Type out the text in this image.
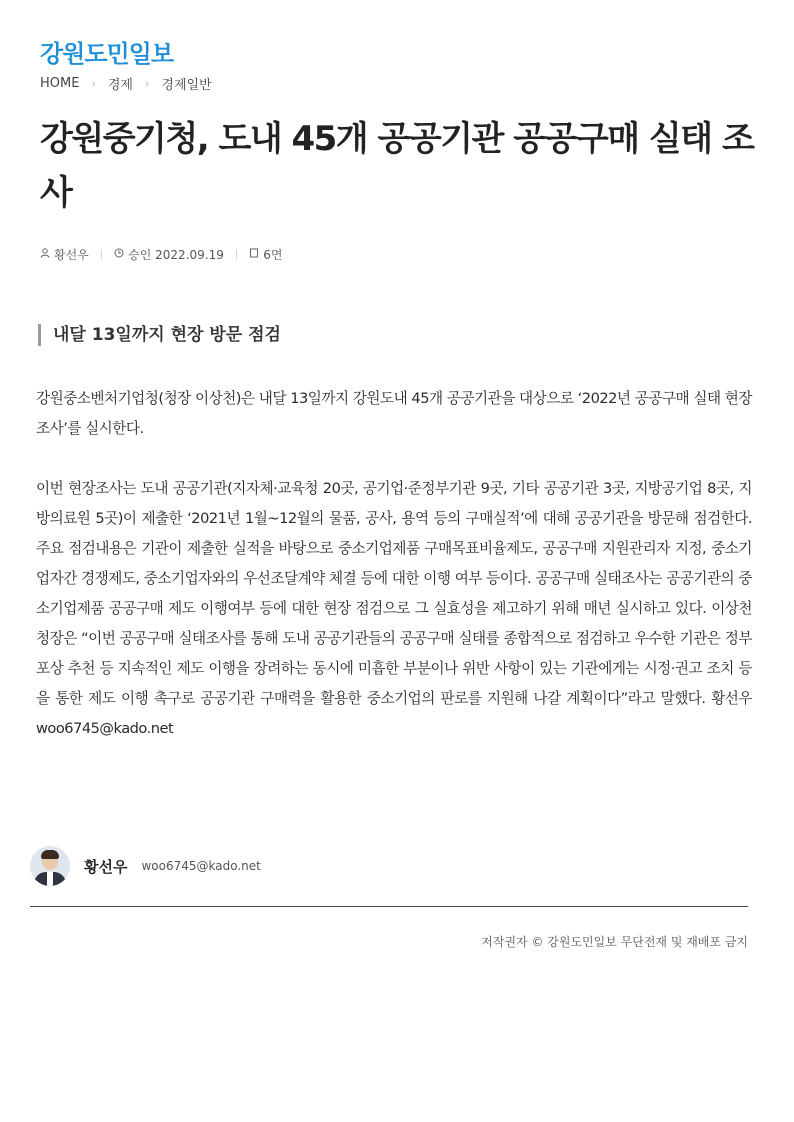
강원도민일보
HOME › 경제 › 경제일반
강원중기청, 도내 45개 공공기관 공공구매 실태 조사
황선우 | 승인 2022.09.19 | 6면
내달 13일까지 현장 방문 점검

강원중소벤처기업청(청장 이상천)은 내달 13일까지 강원도내 45개 공공기관을 대상으로 ‘2022년 공공구매 실태 현장조사’를 실시한다.

이번 현장조사는 도내 공공기관(지자체·교육청 20곳, 공기업·준정부기관 9곳, 기타 공공기관 3곳, 지방공기업 8곳, 지방의료원 5곳)이 제출한 ‘2021년 1월~12월의 물품, 공사, 용역 등의 구매실적’에 대해 공공기관을 방문해 점검한다. 주요 점검내용은 기관이 제출한 실적을 바탕으로 중소기업제품 구매목표비율제도, 공공구매 지원관리자 지정, 중소기업자간 경쟁제도, 중소기업자와의 우선조달계약 체결 등에 대한 이행 여부 등이다. 공공구매 실태조사는 공공기관의 중소기업제품 공공구매 제도 이행여부 등에 대한 현장 점검으로 그 실효성을 제고하기 위해 매년 실시하고 있다. 이상천 청장은 “이번 공공구매 실태조사를 통해 도내 공공기관들의 공공구매 실태를 종합적으로 점검하고 우수한 기관은 정부포상 추천 등 지속적인 제도 이행을 장려하는 동시에 미흡한 부분이나 위반 사항이 있는 기관에게는 시정·권고 조치 등을 통한 제도 이행 촉구로 공공기관 구매력을 활용한 중소기업의 판로를 지원해 나갈 계획이다”라고 말했다. 황선우 woo6745@kado.net

황선우 woo6745@kado.net
저작권자 © 강원도민일보 무단전재 및 재배포 금지
